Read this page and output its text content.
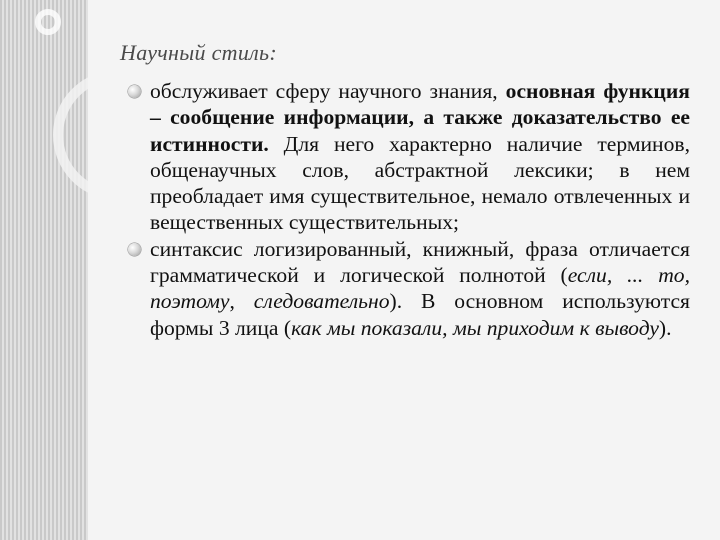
Научный стиль:
обслуживает сферу научного знания, основная функция – сообщение информации, а также доказательство ее истинности. Для него характерно наличие терминов, общенаучных слов, абстрактной лексики; в нем преобладает имя существительное, немало отвлеченных и вещественных существительных;
синтаксис логизированный, книжный, фраза отличается грамматической и логической полнотой (если, ... то, поэтому, следовательно). В основном используются формы 3 лица (как мы показали, мы приходим к выводу).
